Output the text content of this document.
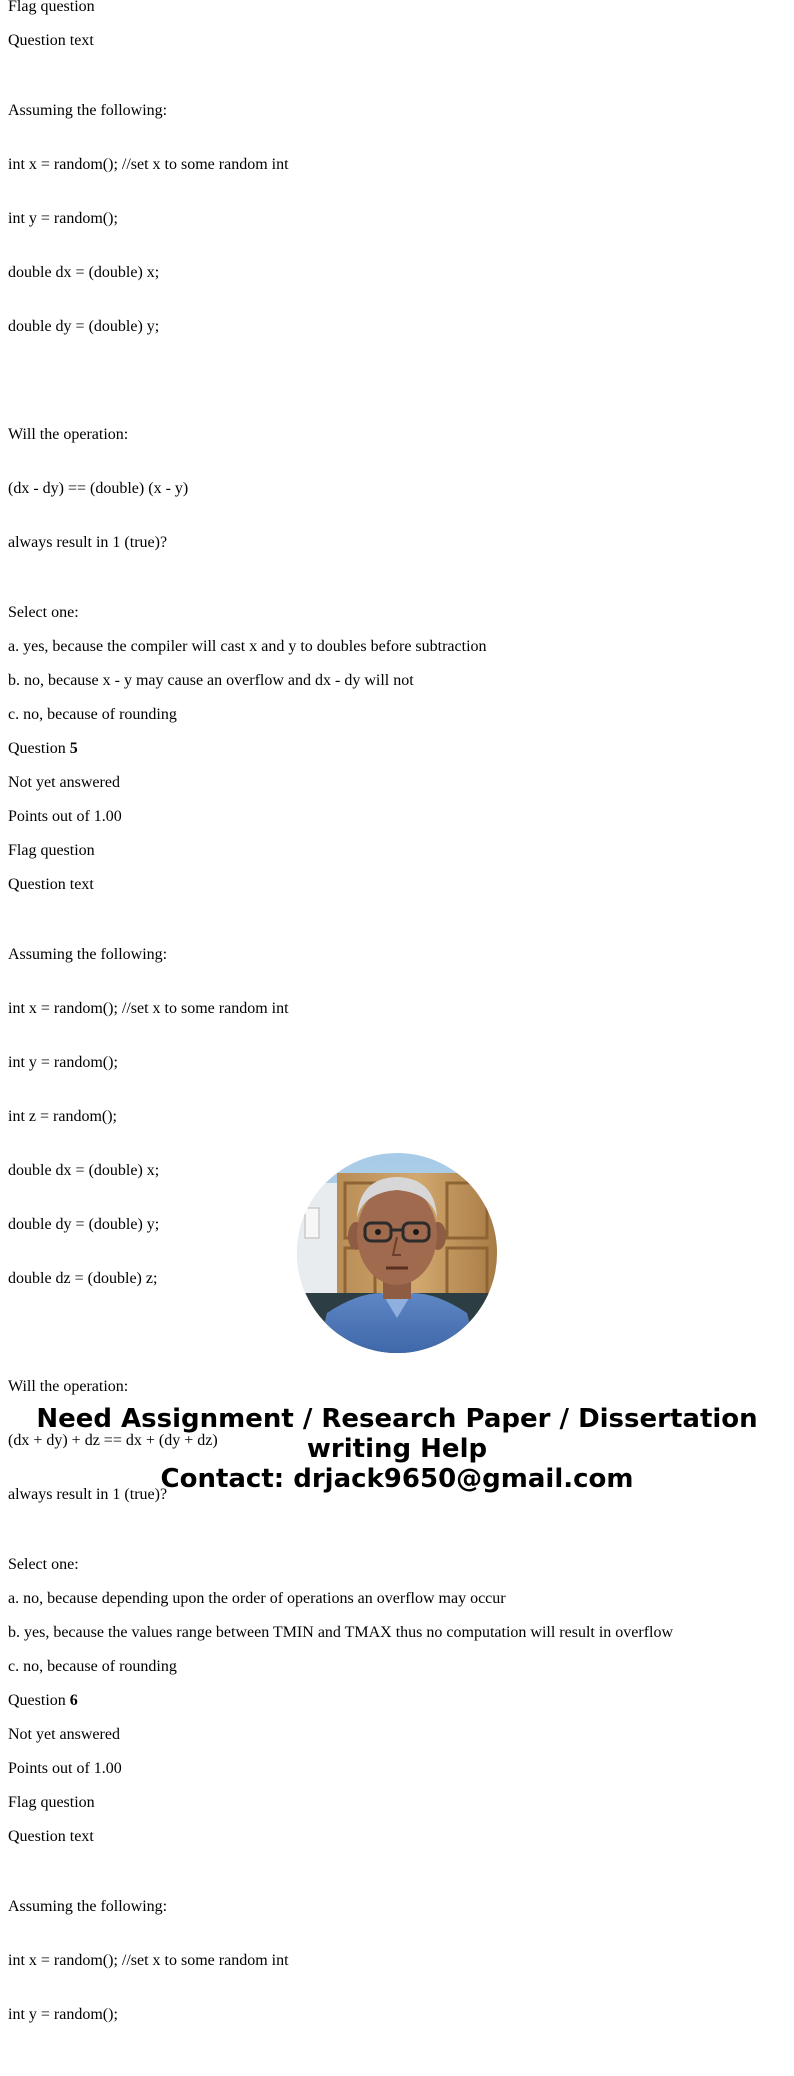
Flag question
Question text

Assuming the following:

int x = random(); //set x to some random int

int y = random();

double dx = (double) x;

double dy = (double) y;

Will the operation:

(dx - dy) == (double) (x - y)

always result in 1 (true)?

Select one:
a. yes, because the compiler will cast x and y to doubles before subtraction
b. no, because x - y may cause an overflow and dx - dy will not
c. no, because of rounding
Question 5
Not yet answered
Points out of 1.00
Flag question
Question text

Assuming the following:

int x = random(); //set x to some random int

int y = random();

int z = random();

double dx = (double) x;

double dy = (double) y;

double dz = (double) z;

Will the operation:

(dx + dy) + dz == dx + (dy + dz)

always result in 1 (true)?

Select one:
a. no, because depending upon the order of operations an overflow may occur
b. yes, because the values range between TMIN and TMAX thus no computation will result in overflow
c. no, because of rounding
Question 6
Not yet answered
Points out of 1.00
Flag question
Question text

Assuming the following:

int x = random(); //set x to some random int

int y = random();

Need Assignment / Research Paper / Dissertation
writing Help
Contact: drjack9650@gmail.com
